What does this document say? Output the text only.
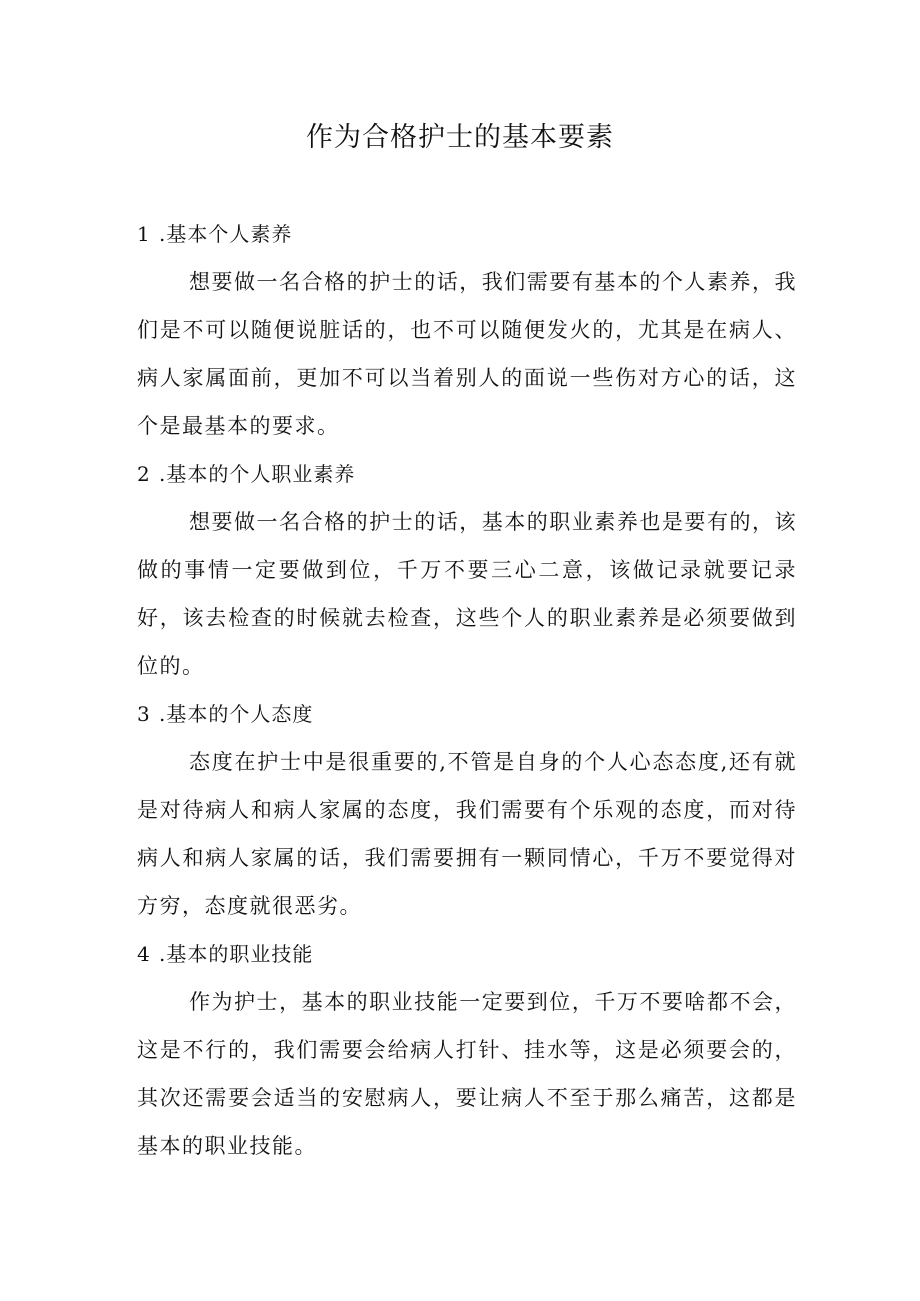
作为合格护士的基本要素
1 .基本个人素养

想要做一名合格的护士的话，我们需要有基本的个人素养，我们是不可以随便说脏话的，也不可以随便发火的，尤其是在病人、病人家属面前，更加不可以当着别人的面说一些伤对方心的话，这个是最基本的要求。

2 .基本的个人职业素养

想要做一名合格的护士的话，基本的职业素养也是要有的，该做的事情一定要做到位，千万不要三心二意，该做记录就要记录好，该去检查的时候就去检查，这些个人的职业素养是必须要做到位的。

3 .基本的个人态度

态度在护士中是很重要的,不管是自身的个人心态态度,还有就是对待病人和病人家属的态度，我们需要有个乐观的态度，而对待病人和病人家属的话，我们需要拥有一颗同情心，千万不要觉得对方穷，态度就很恶劣。

4 .基本的职业技能

作为护士，基本的职业技能一定要到位，千万不要啥都不会，这是不行的，我们需要会给病人打针、挂水等，这是必须要会的，其次还需要会适当的安慰病人，要让病人不至于那么痛苦，这都是基本的职业技能。
